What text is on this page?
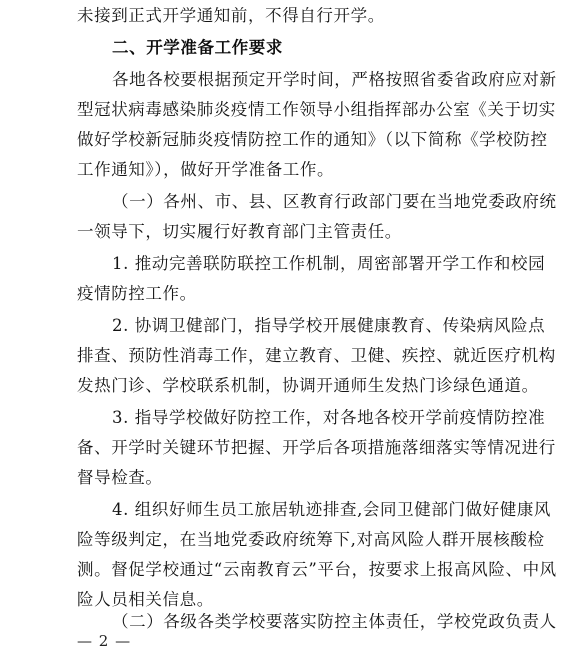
未接到正式开学通知前，不得自行开学。
二、开学准备工作要求
各地各校要根据预定开学时间，严格按照省委省政府应对新
型冠状病毒感染肺炎疫情工作领导小组指挥部办公室《关于切实
做好学校新冠肺炎疫情防控工作的通知》（以下简称《学校防控
工作通知》），做好开学准备工作。
（一）各州、市、县、区教育行政部门要在当地党委政府统
一领导下，切实履行好教育部门主管责任。
1. 推动完善联防联控工作机制，周密部署开学工作和校园
疫情防控工作。
2. 协调卫健部门，指导学校开展健康教育、传染病风险点
排查、预防性消毒工作，建立教育、卫健、疾控、就近医疗机构
发热门诊、学校联系机制，协调开通师生发热门诊绿色通道。
3. 指导学校做好防控工作，对各地各校开学前疫情防控准
备、开学时关键环节把握、开学后各项措施落细落实等情况进行
督导检查。
4. 组织好师生员工旅居轨迹排查,会同卫健部门做好健康风
险等级判定，在当地党委政府统筹下,对高风险人群开展核酸检
测。督促学校通过“云南教育云”平台，按要求上报高风险、中风
险人员相关信息。
（二）各级各类学校要落实防控主体责任，学校党政负责人
— 2 —
